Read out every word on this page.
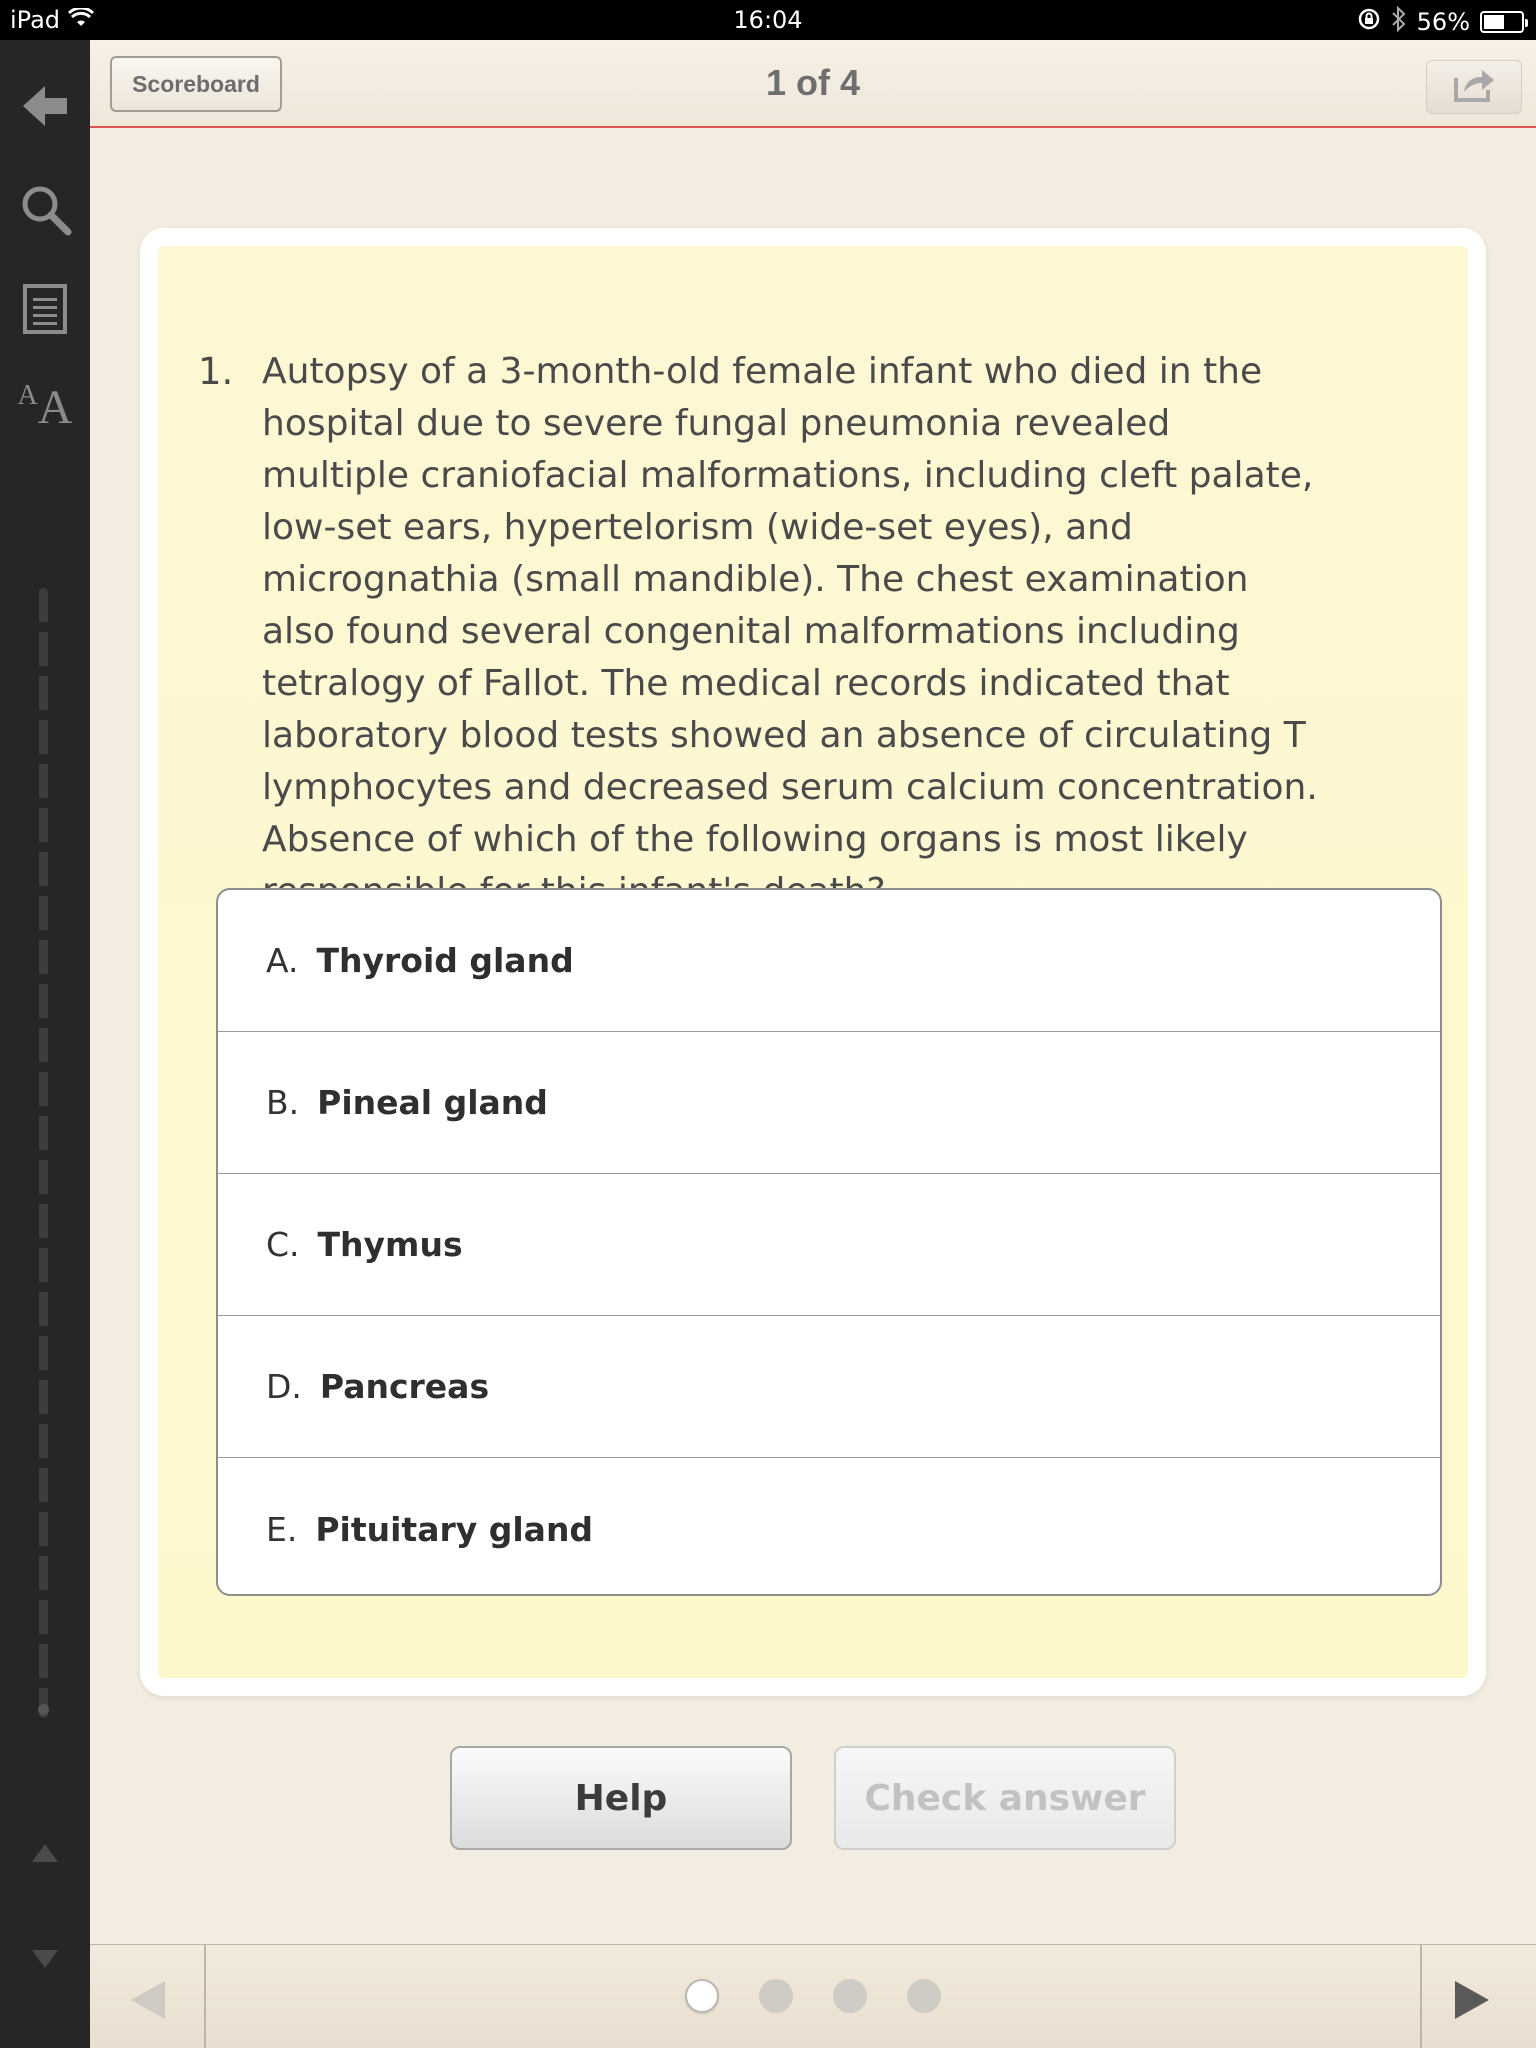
iPad	16:04	56%
A A
Scoreboard	1 of 4
1. Autopsy of a 3-month-old female infant who died in the hospital due to severe fungal pneumonia revealed multiple craniofacial malformations, including cleft palate, low-set ears, hypertelorism (wide-set eyes), and micrognathia (small mandible). The chest examination also found several congenital malformations including tetralogy of Fallot. The medical records indicated that laboratory blood tests showed an absence of circulating T lymphocytes and decreased serum calcium concentration. Absence of which of the following organs is most likely
A. Thyroid gland
B. Pineal gland
C. Thymus
D. Pancreas
E. Pituitary gland
Help	Check answer
